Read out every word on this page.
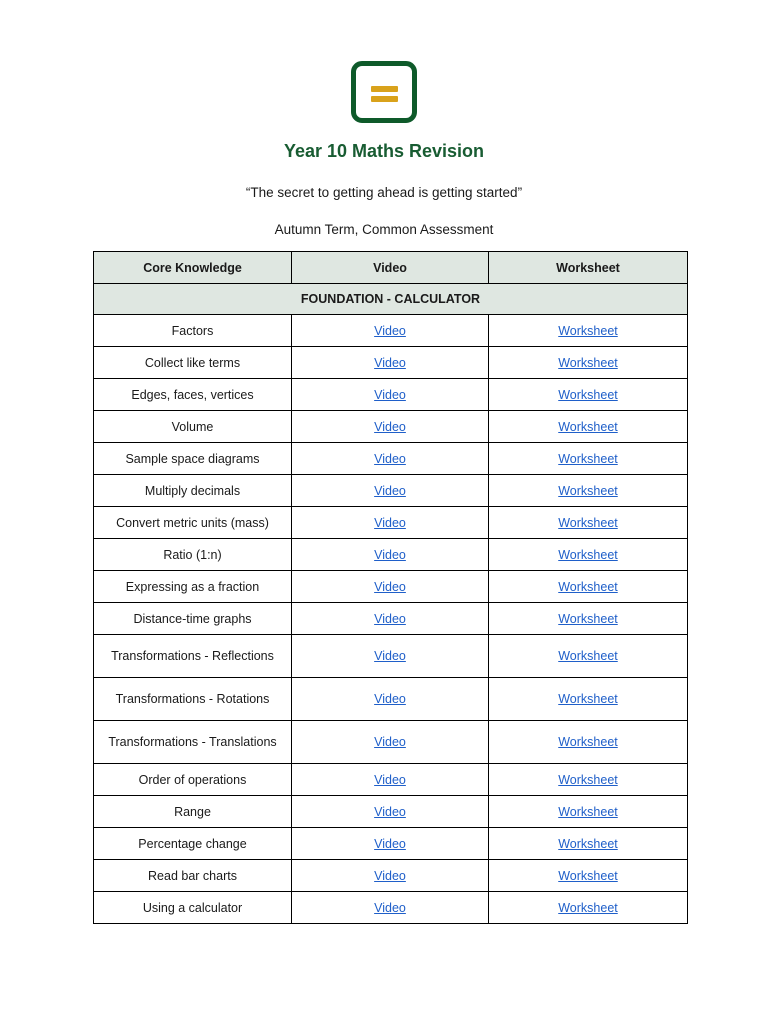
Year 10 Maths Revision
“The secret to getting ahead is getting started”
Autumn Term, Common Assessment
Core Knowledge	Video	Worksheet
FOUNDATION - CALCULATOR		
Factors	Video	Worksheet
Collect like terms	Video	Worksheet
Edges, faces, vertices	Video	Worksheet
Volume	Video	Worksheet
Sample space diagrams	Video	Worksheet
Multiply decimals	Video	Worksheet
Convert metric units (mass)	Video	Worksheet
Ratio (1:n)	Video	Worksheet
Expressing as a fraction	Video	Worksheet
Distance-time graphs	Video	Worksheet
Transformations - Reflections	Video	Worksheet
Transformations - Rotations	Video	Worksheet
Transformations - Translations	Video	Worksheet
Order of operations	Video	Worksheet
Range	Video	Worksheet
Percentage change	Video	Worksheet
Read bar charts	Video	Worksheet
Using a calculator	Video	Worksheet
